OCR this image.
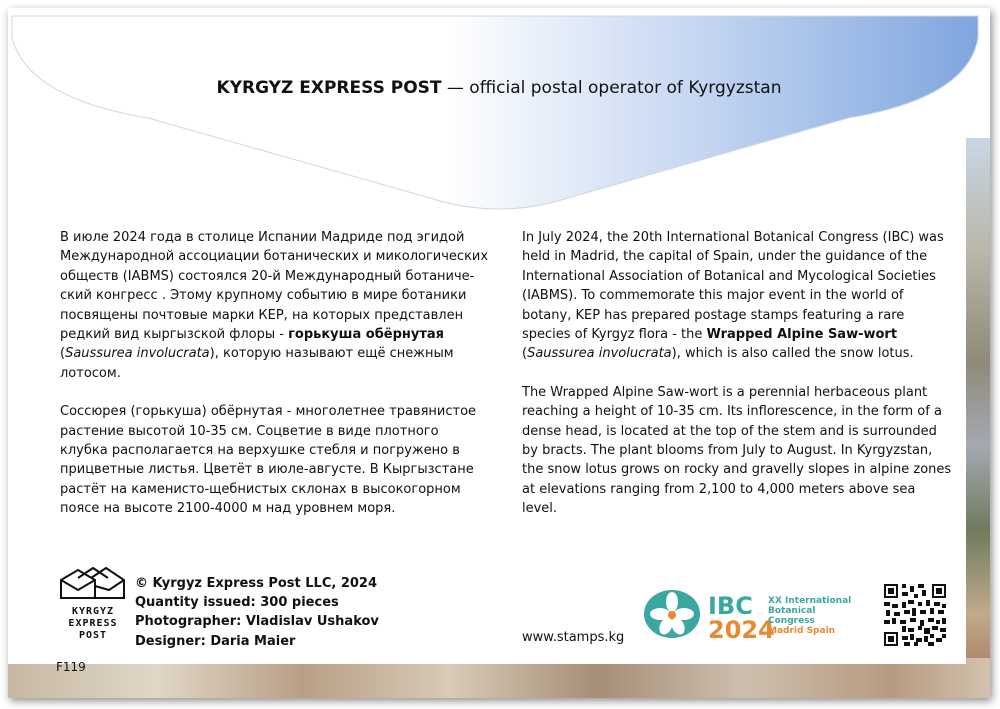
KYRGYZ EXPRESS POST — official postal operator of Kyrgyzstan

В июле 2024 года в столице Испании Мадриде под эгидой Международной ассоциации ботанических и микологических обществ (IABMS) состоялся 20-й Международный ботаниче-ский конгресс . Этому крупному событию в мире ботаники посвящены почтовые марки КЕР, на которых представлен редкий вид кыргызской флоры - горькуша обёрнутая
(Saussurea involucrata), которую называют ещё снежным лотосом.

Соссюрея (горькуша) обёрнутая - многолетнее травянистое растение высотой 10-35 см. Соцветие в виде плотного клубка располагается на верхушке стебля и погружено в прицветные листья. Цветёт в июле-августе. В Кыргызстане растёт на каменисто-щебнистых склонах в высокогорном поясе на высоте 2100-4000 м над уровнем моря.

In July 2024, the 20th International Botanical Congress (IBC) was held in Madrid, the capital of Spain, under the guidance of the International Association of Botanical and Mycological Societies (IABMS). To commemorate this major event in the world of botany, KEP has prepared postage stamps featuring a rare species of Kyrgyz flora - the Wrapped Alpine Saw-wort (Saussurea involucrata), which is also called the snow lotus.

The Wrapped Alpine Saw-wort is a perennial herbaceous plant reaching a height of 10-35 cm. Its inflorescence, in the form of a dense head, is located at the top of the stem and is surrounded by bracts. The plant blooms from July to August. In Kyrgyzstan, the snow lotus grows on rocky and gravelly slopes in alpine zones at elevations ranging from 2,100 to 4,000 meters above sea level.

KYRGYZ
EXPRESS
POST
© Kyrgyz Express Post LLC, 2024
Quantity issued: 300 pieces
Photographer: Vladislav Ushakov
Designer: Daria Maier
F119
www.stamps.kg
IBC
2024
XX International
Botanical
Congress
Madrid Spain
